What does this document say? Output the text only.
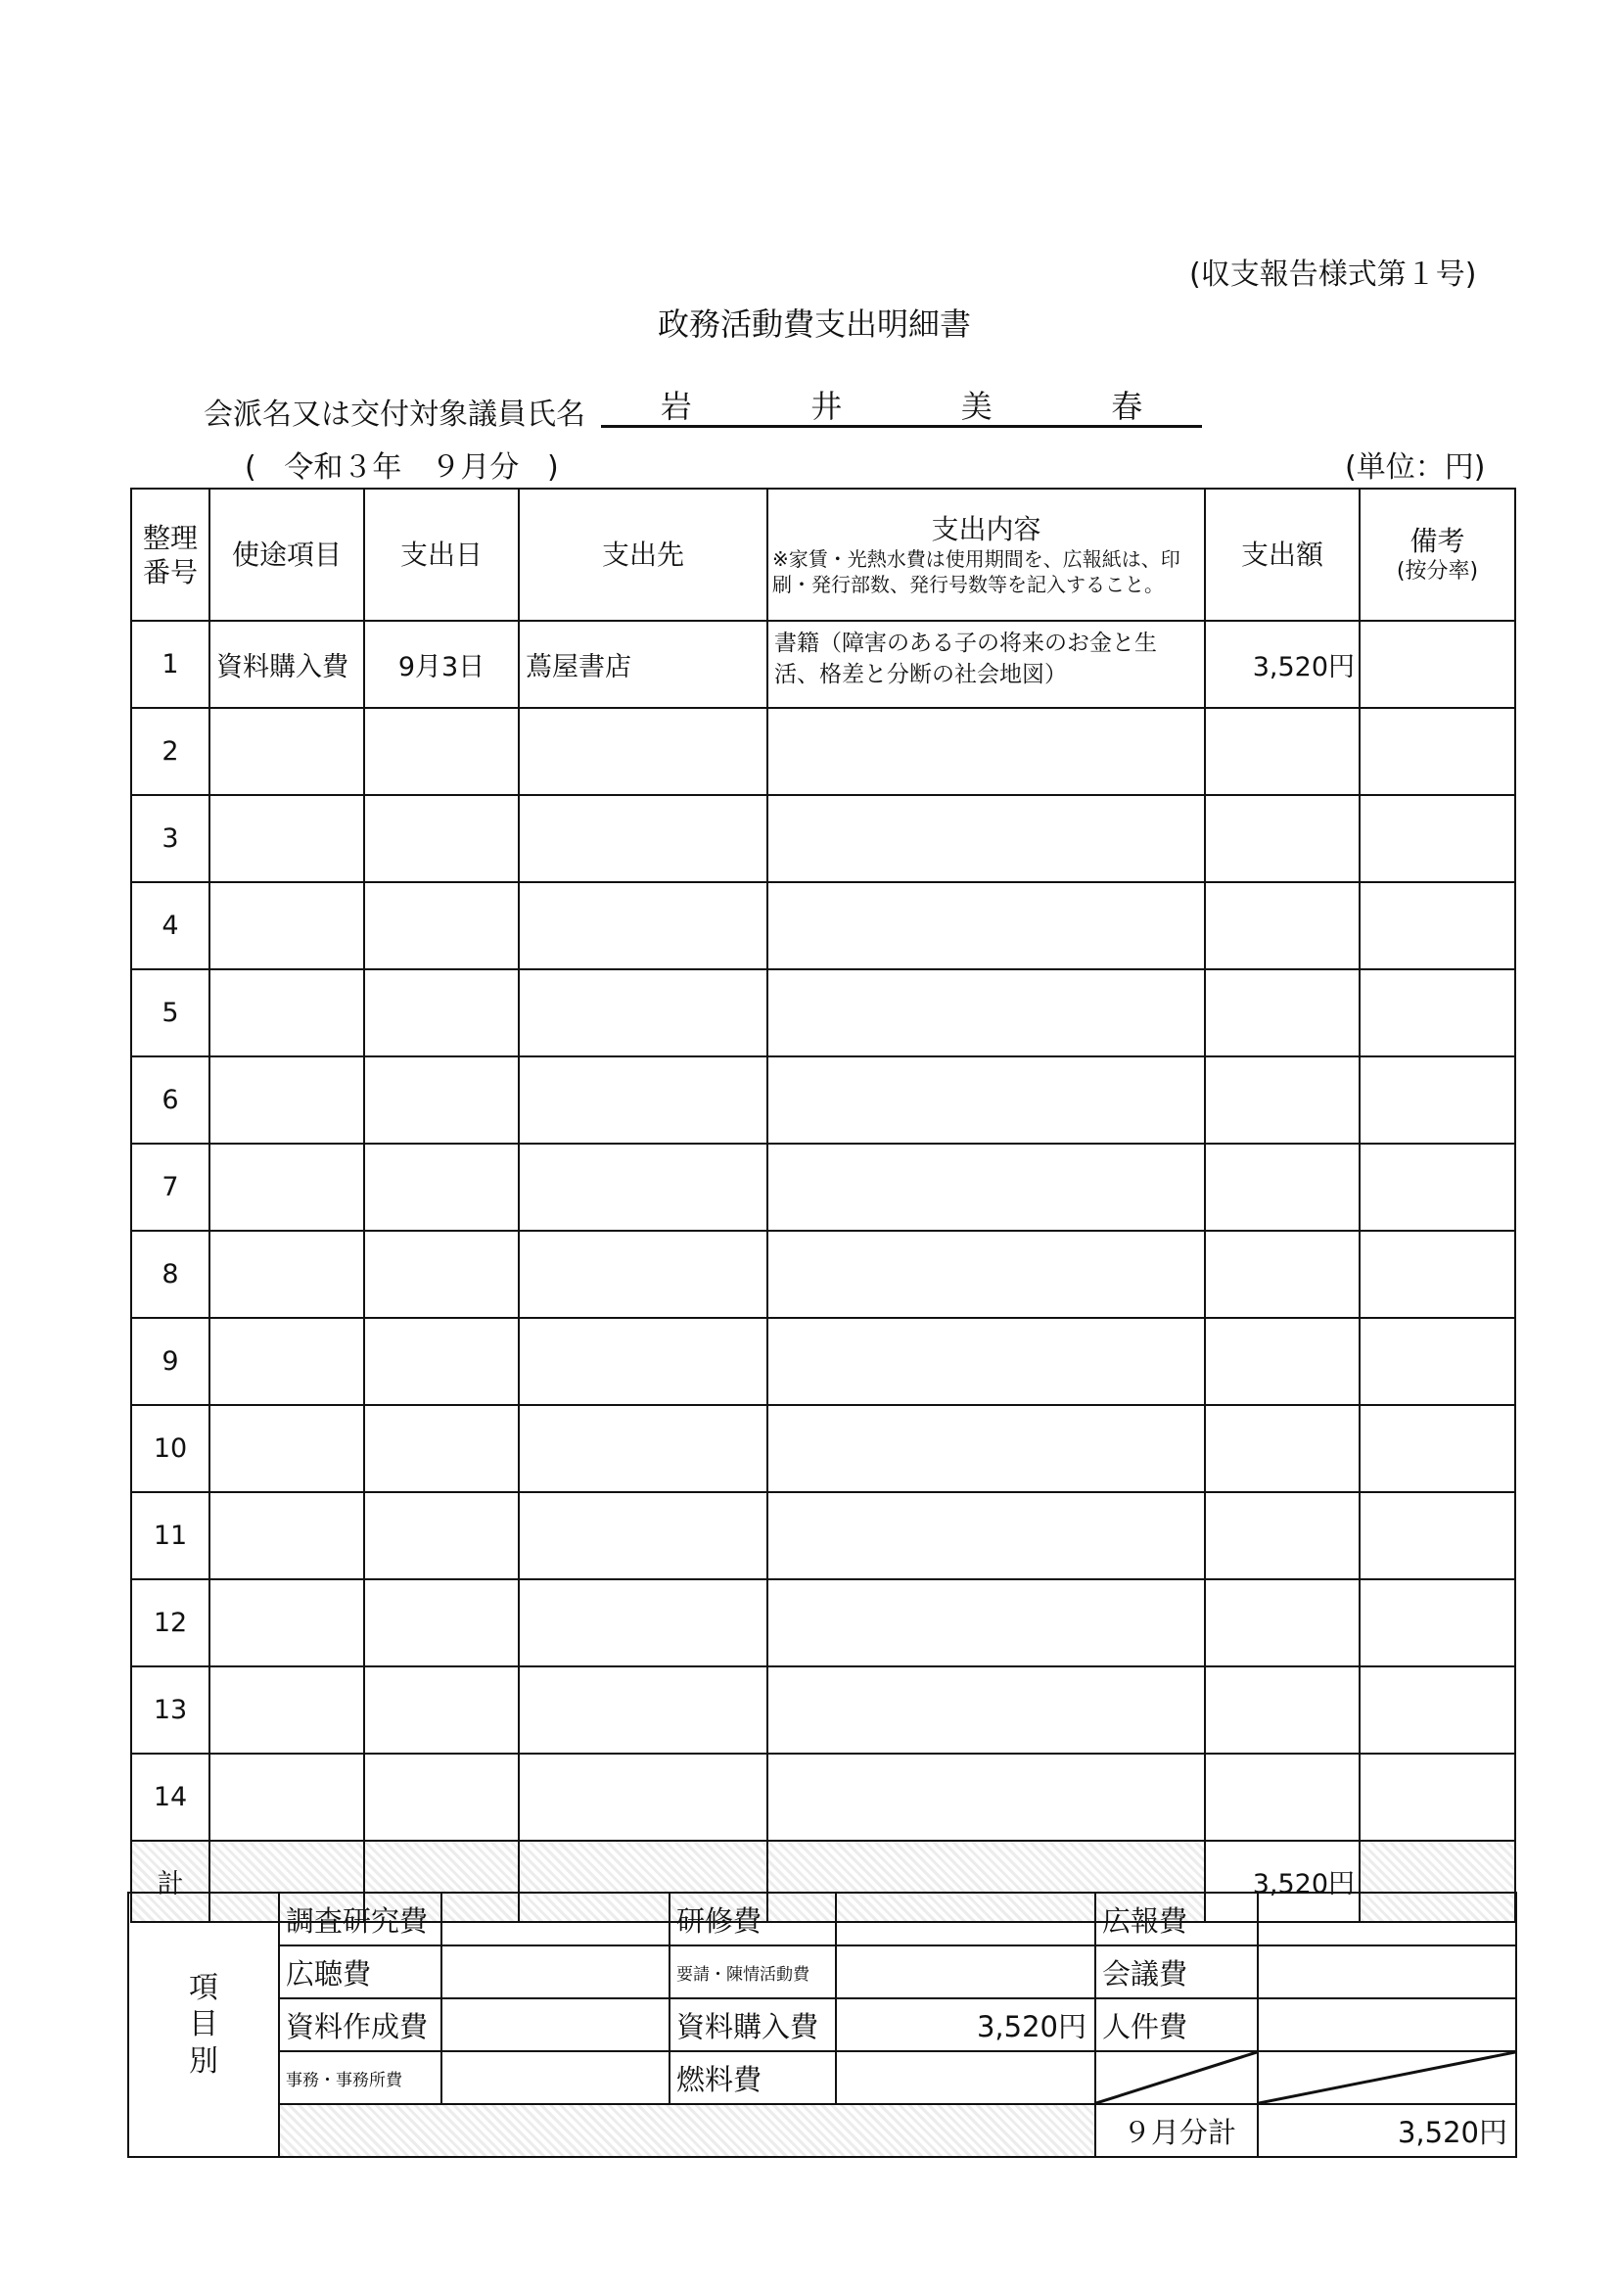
(収支報告様式第１号)
政務活動費支出明細書
会派名又は交付対象議員氏名 岩	井	美	春
( 令和３年　９月分 )	(単位：円)
整理番号	使途項目	支出日	支出先	支出内容
※家賃・光熱水費は使用期間を、広報紙は、印刷・発行部数、発行号数等を記入すること。	支出額	備考
(按分率)

1	資料購入費	9月3日	蔦屋書店	書籍（障害のある子の将来のお金と生活、格差と分断の社会地図）	3,520円	
2						
3						
4						
5						
6						
7						
8						
9						
10						
11						
12						
13						
14						
計					3,520円	
項
目
別	調査研究費		研修費		広報費	
	広聴費		要請・陳情活動費		会議費	
	資料作成費		資料購入費	3,520円	人件費	
	事務・事務所費		燃料費		

					９月分計	3,520円
